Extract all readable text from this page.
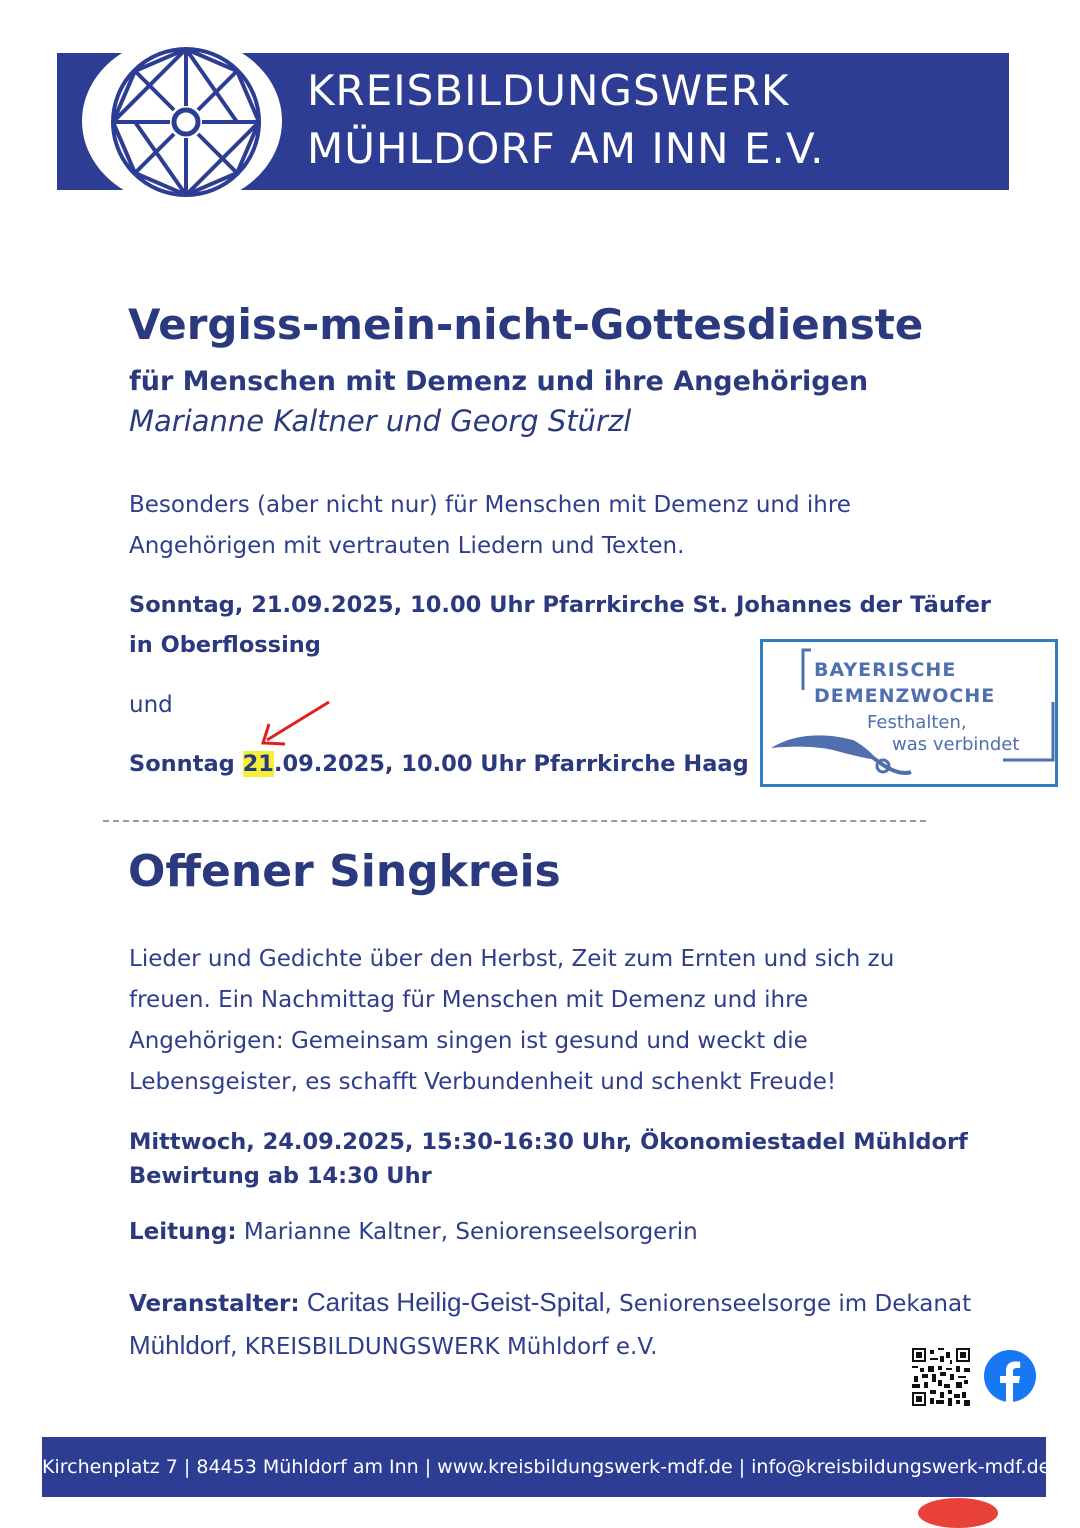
KREISBILDUNGSWERK
MÜHLDORF AM INN E.V.
Vergiss-mein-nicht-Gottesdienste
für Menschen mit Demenz und ihre Angehörigen
Marianne Kaltner und Georg Stürzl
Besonders (aber nicht nur) für Menschen mit Demenz und ihre
Angehörigen mit vertrauten Liedern und Texten.
Sonntag, 21.09.2025, 10.00 Uhr Pfarrkirche St. Johannes der Täufer in Oberflossing
und
Sonntag 21.09.2025, 10.00 Uhr Pfarrkirche Haag
BAYERISCHE
DEMENZWOCHE
Festhalten,
was verbindet
Offener Singkreis
Lieder und Gedichte über den Herbst, Zeit zum Ernten und sich zu
freuen. Ein Nachmittag für Menschen mit Demenz und ihre
Angehörigen: Gemeinsam singen ist gesund und weckt die
Lebensgeister, es schafft Verbundenheit und schenkt Freude!
Mittwoch, 24.09.2025, 15:30-16:30 Uhr, Ökonomiestadel Mühldorf
Bewirtung ab 14:30 Uhr
Leitung: Marianne Kaltner, Seniorenseelsorgerin
Veranstalter: Caritas Heilig-Geist-Spital, Seniorenseelsorge im Dekanat
Mühldorf, KREISBILDUNGSWERK Mühldorf e.V.
Kirchenplatz 7 | 84453 Mühldorf am Inn | www.kreisbildungswerk-mdf.de | info@kreisbildungswerk-mdf.de
